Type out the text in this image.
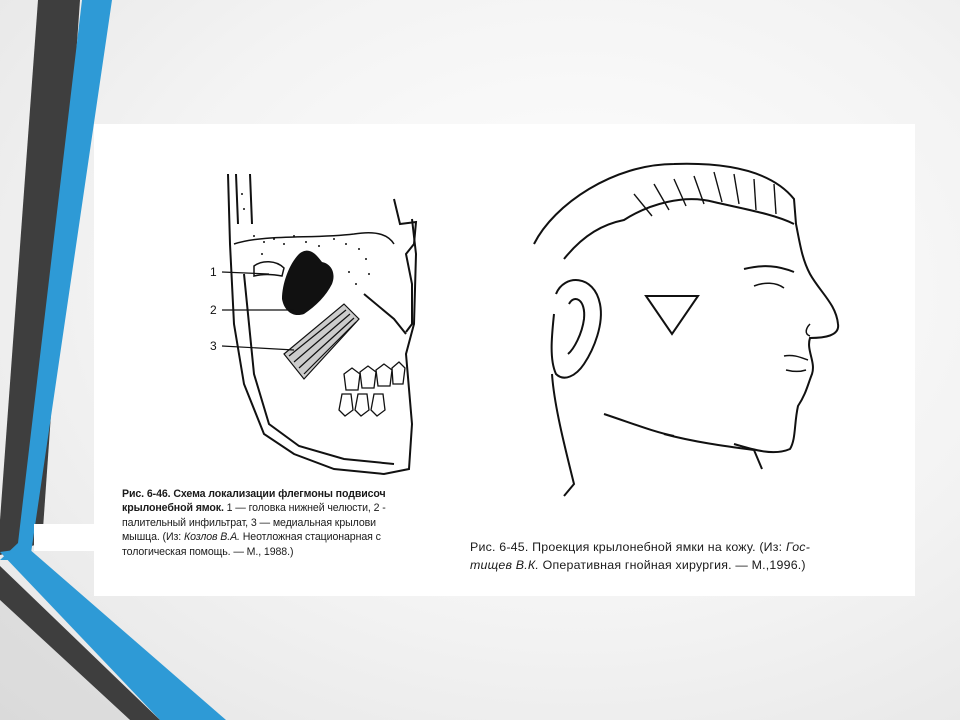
1
2
3
Рис. 6-46. Схема локализации флегмоны подвисоч
крылонебной ямок. 1 — головка нижней челюсти, 2 -
палительный инфильтрат, 3 — медиальная крылови
мышца. (Из: Козлов В.А. Неотложная стационарная с
тологическая помощь. — М., 1988.)	Рис. 6-45. Проекция крылонебной ямки на кожу. (Из: Гос-
тищев В.К. Оперативная гнойная хирургия. — М.,1996.)
